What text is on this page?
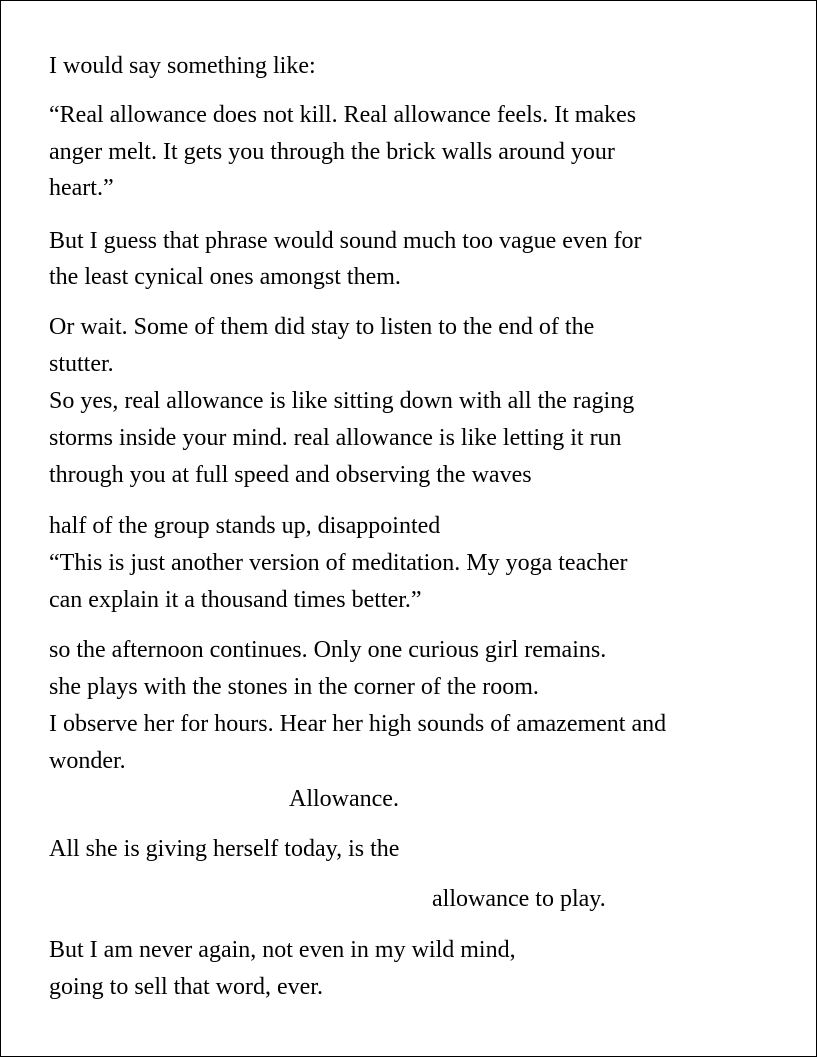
I would say something like:
“Real allowance does not kill. Real allowance feels. It makes
anger melt. It gets you through the brick walls around your
heart.”
But I guess that phrase would sound much too vague even for
the least cynical ones amongst them.
Or wait. Some of them did stay to listen to the end of the
stutter.
So yes, real allowance is like sitting down with all the raging
storms inside your mind. real allowance is like letting it run
through you at full speed and observing the waves
half of the group stands up, disappointed
“This is just another version of meditation. My yoga teacher
can explain it a thousand times better.”
so the afternoon continues. Only one curious girl remains.
she plays with the stones in the corner of the room.
I observe her for hours. Hear her high sounds of amazement and
wonder.
Allowance.
All she is giving herself today, is the
allowance to play.
But I am never again, not even in my wild mind,
going to sell that word, ever.
